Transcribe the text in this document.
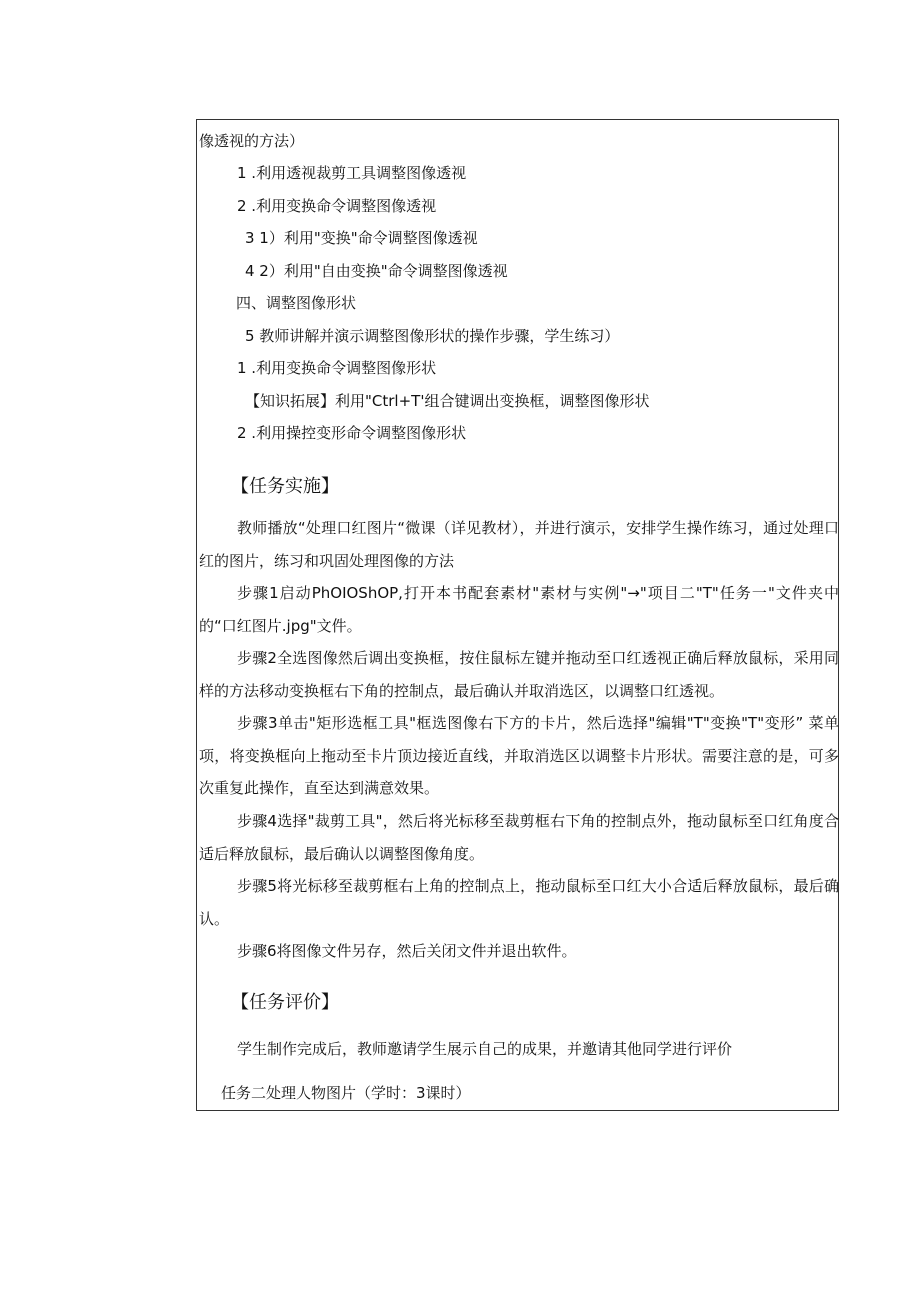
像透视的方法）
1 .利用透视裁剪工具调整图像透视
2 .利用变换命令调整图像透视
3 1）利用"变换"命令调整图像透视
4 2）利用"自由变换"命令调整图像透视
四、调整图像形状
5 教师讲解并演示调整图像形状的操作步骤，学生练习）
1 .利用变换命令调整图像形状
【知识拓展】利用"Ctrl+T'组合键调出变换框，调整图像形状
2 .利用操控变形命令调整图像形状
【任务实施】
教师播放“处理口红图片“微课（详见教材），并进行演示，安排学生操作练习，通过处理口红的图片，练习和巩固处理图像的方法
步骤1启动PhOIOShOP,打开本书配套素材"素材与实例"→"项目二"T"任务一"文件夹中的“口红图片.jpg"文件。
步骤2全选图像然后调出变换框，按住鼠标左键并拖动至口红透视正确后释放鼠标，采用同样的方法移动变换框右下角的控制点，最后确认并取消选区，以调整口红透视。
步骤3单击"矩形选框工具"框选图像右下方的卡片，然后选择"编辑"T"变换"T"变形” 菜单项，将变换框向上拖动至卡片顶边接近直线，并取消选区以调整卡片形状。需要注意的是，可多次重复此操作，直至达到满意效果。
步骤4选择"裁剪工具"，然后将光标移至裁剪框右下角的控制点外，拖动鼠标至口红角度合适后释放鼠标，最后确认以调整图像角度。
步骤5将光标移至裁剪框右上角的控制点上，拖动鼠标至口红大小合适后释放鼠标，最后确认。
步骤6将图像文件另存，然后关闭文件并退出软件。
【任务评价】
学生制作完成后，教师邀请学生展示自己的成果，并邀请其他同学进行评价
任务二处理人物图片（学时：3课时）
